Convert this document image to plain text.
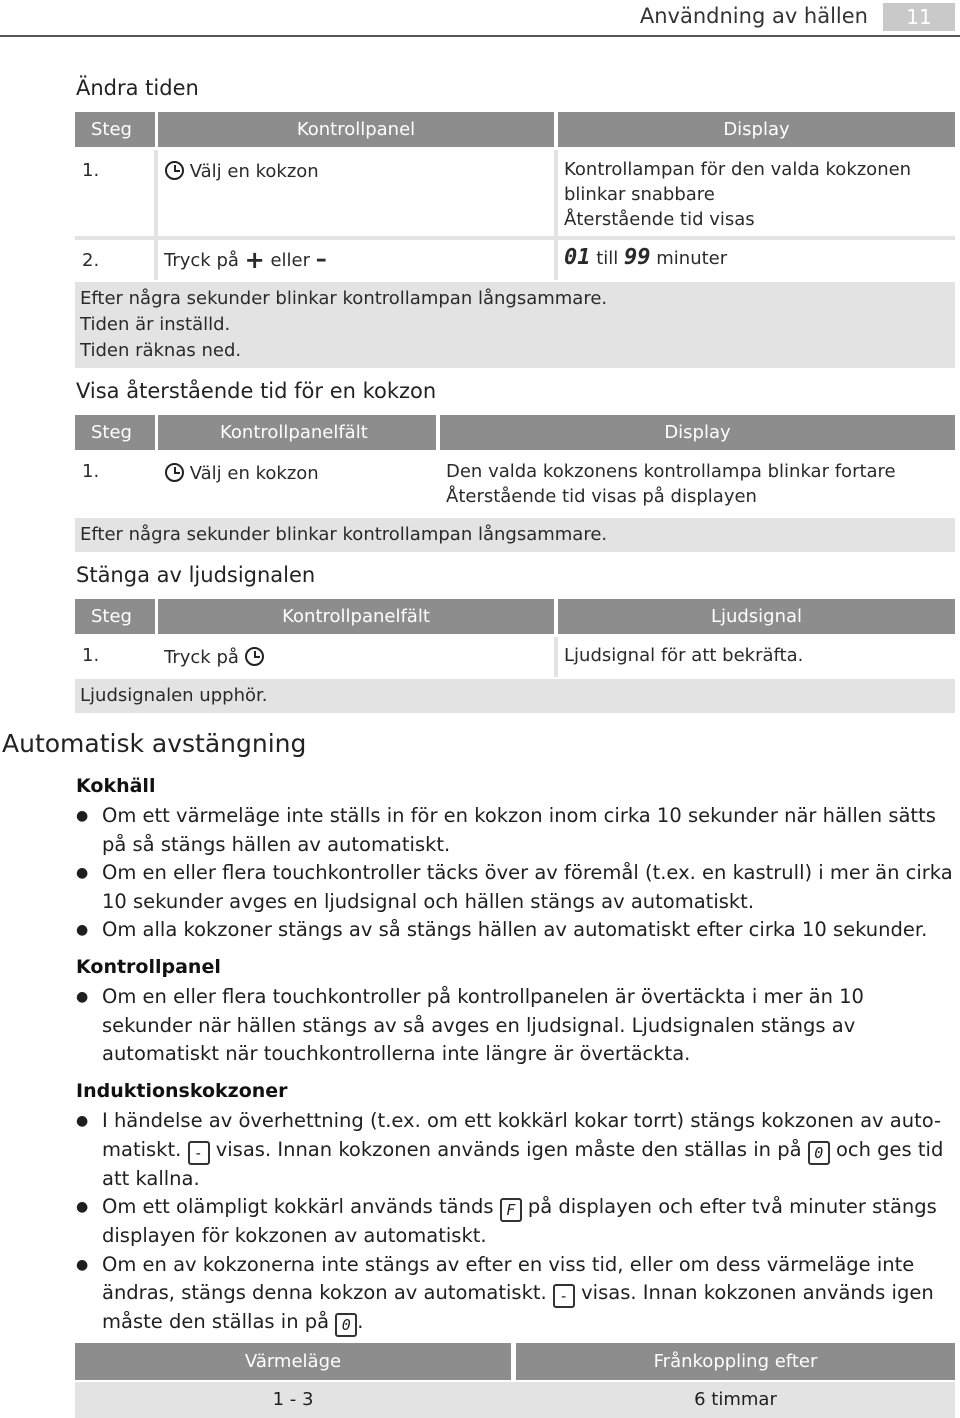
Användning av hällen	11
Ändra tiden
Steg	Kontrollpanel	Display
1.	Välj en kokzon	Kontrollampan för den valda kokzonen
blinkar snabbare
Återstående tid visas
2.	Tryck på + eller –	01 till 99 minuter
Efter några sekunder blinkar kontrollampan långsammare.
Tiden är inställd.
Tiden räknas ned.
Visa återstående tid för en kokzon
Steg	Kontrollpanelfält	Display
1.	Välj en kokzon	Den valda kokzonens kontrollampa blinkar fortare
Återstående tid visas på displayen
Efter några sekunder blinkar kontrollampan långsammare.
Stänga av ljudsignalen
Steg	Kontrollpanelfält	Ljudsignal
1.	Tryck på	Ljudsignal för att bekräfta.
Ljudsignalen upphör.
Automatisk avstängning
Kokhäll
● Om ett värmeläge inte ställs in för en kokzon inom cirka 10 sekunder när hällen sätts på så stängs hällen av automatiskt.
● Om en eller flera touchkontroller täcks över av föremål (t.ex. en kastrull) i mer än cirka 10 sekunder avges en ljudsignal och hällen stängs av automatiskt.
● Om alla kokzoner stängs av så stängs hällen av automatiskt efter cirka 10 sekunder.
Kontrollpanel
● Om en eller flera touchkontroller på kontrollpanelen är övertäckta i mer än 10 sekunder när hällen stängs av så avges en ljudsignal. Ljudsignalen stängs av automatiskt när touchkontrollerna inte längre är övertäckta.
Induktionskokzoner
● I händelse av överhettning (t.ex. om ett kokkärl kokar torrt) stängs kokzonen av auto-matiskt. - visas. Innan kokzonen används igen måste den ställas in på 0 och ges tid att kallna.
● Om ett olämpligt kokkärl används tänds F på displayen och efter två minuter stängs displayen för kokzonen av automatiskt.
● Om en av kokzonerna inte stängs av efter en viss tid, eller om dess värmeläge inte ändras, stängs denna kokzon av automatiskt. - visas. Innan kokzonen används igen måste den ställas in på 0 .
Värmeläge	Frånkoppling efter
1 - 3	6 timmar
